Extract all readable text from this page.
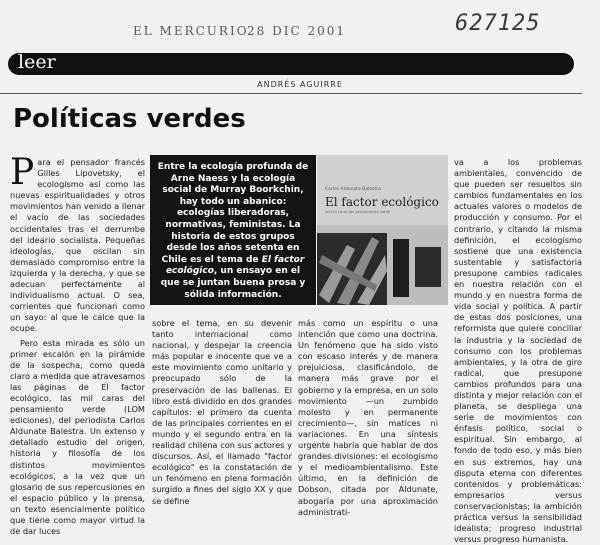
EL MERCURIO
28 DIC 2001	627125
leer
ANDRÉS AGUIRRE
Políticas verdes

Para el pensador francés Gilles Lipovetsky, el ecologismo así como las nuevas espiritualidades y otros movimientos han venido a llenar el vacío de las sociedades occidentales tras el derrumbe del ideario socialista. Pequeñas ideologías, que oscilan sin demasiado compromiso entre la izquierda y la derecha, y que se adecuan perfectamente al individualismo actual. O sea, corrientes que funcionan como un sayo: al que le calce que la ocupe.

Pero esta mirada es sólo un primer escalón en la pirámide de la sospecha, como queda claro a medida que atravesamos las páginas de El factor ecológico, las mil caras del pensamiento verde (LOM ediciones), del periodista Carlos Aldunate Balestra. Un extenso y detallado estudio del origen, historia y filosofía de los distintos movimientos ecológicos, a la vez que un glosario de sus repercusiones en el espacio público y la prensa, un texto esencialmente político que tiene como mayor virtud la de dar luces

Entre la ecología profunda de Arne Naess y la ecología social de Murray Boorkchin, hay todo un abanico: ecologías liberadoras, normativas, feministas. La historia de estos grupos desde los años setenta en Chile es el tema de El factor ecológico, un ensayo en el que se juntan buena prosa y sólida información.
Carlos Aldunate Balestra
El factor ecológico
las mil caras del pensamiento verde

sobre el tema, en su devenir tanto internacional como nacional, y despejar la creencia más popular e inocente que ve a este movimiento como unitario y preocupado sólo de la preservación de las ballenas. El libro está dividido en dos grandes capítulos: el primero da cuenta de las principales corrientes en el mundo y el segundo entra en la realidad chilena con sus actores y discursos. Así, el llamado "factor ecológico" es la constatación de un fenómeno en plena formación surgido a fines del siglo XX y que se define

más como un espíritu o una intención que como una doctrina. Un fenómeno que ha sido visto con escaso interés y de manera prejuiciosa, clasificándolo, de manera más grave por el gobierno y la empresa, en un solo movimiento —un zumbido molesto y en permanente crecimiento—, sin matices ni variaciones. En una síntesis urgente habría que hablar de dos grandes divisiones: el ecologismo y el medioambientalismo. Este último, en la definición de Dobson, citada por Aldunate, abogaría por una aproximación administrati-

va a los problemas ambientales, convencido de que pueden ser resueltos sin cambios fundamentales en los actuales valores o modelos de producción y consumo. Por el contrario, y citando la misma definición, el ecologismo sostiene que una existencia sustentable y satisfactoria presupone cambios radicales en nuestra relación con el mundo y en nuestra forma de vida social y política. A partir de estas dos posiciones, una reformista que quiere conciliar la industria y la sociedad de consumo con los problemas ambientales, y la otra de giro radical, que presupone cambios profundos para una distinta y mejor relación con el planeta, se despliega una serie de movimientos con énfasis político, social o espiritual. Sin embargo, al fondo de todo eso, y más bien en sus extremos, hay una disputa eterna con diferentes contenidos y problemáticas: empresarios versus conservacionistas; la ambición práctica versus la sensibilidad idealista; progreso industrial versus progreso humanista.
